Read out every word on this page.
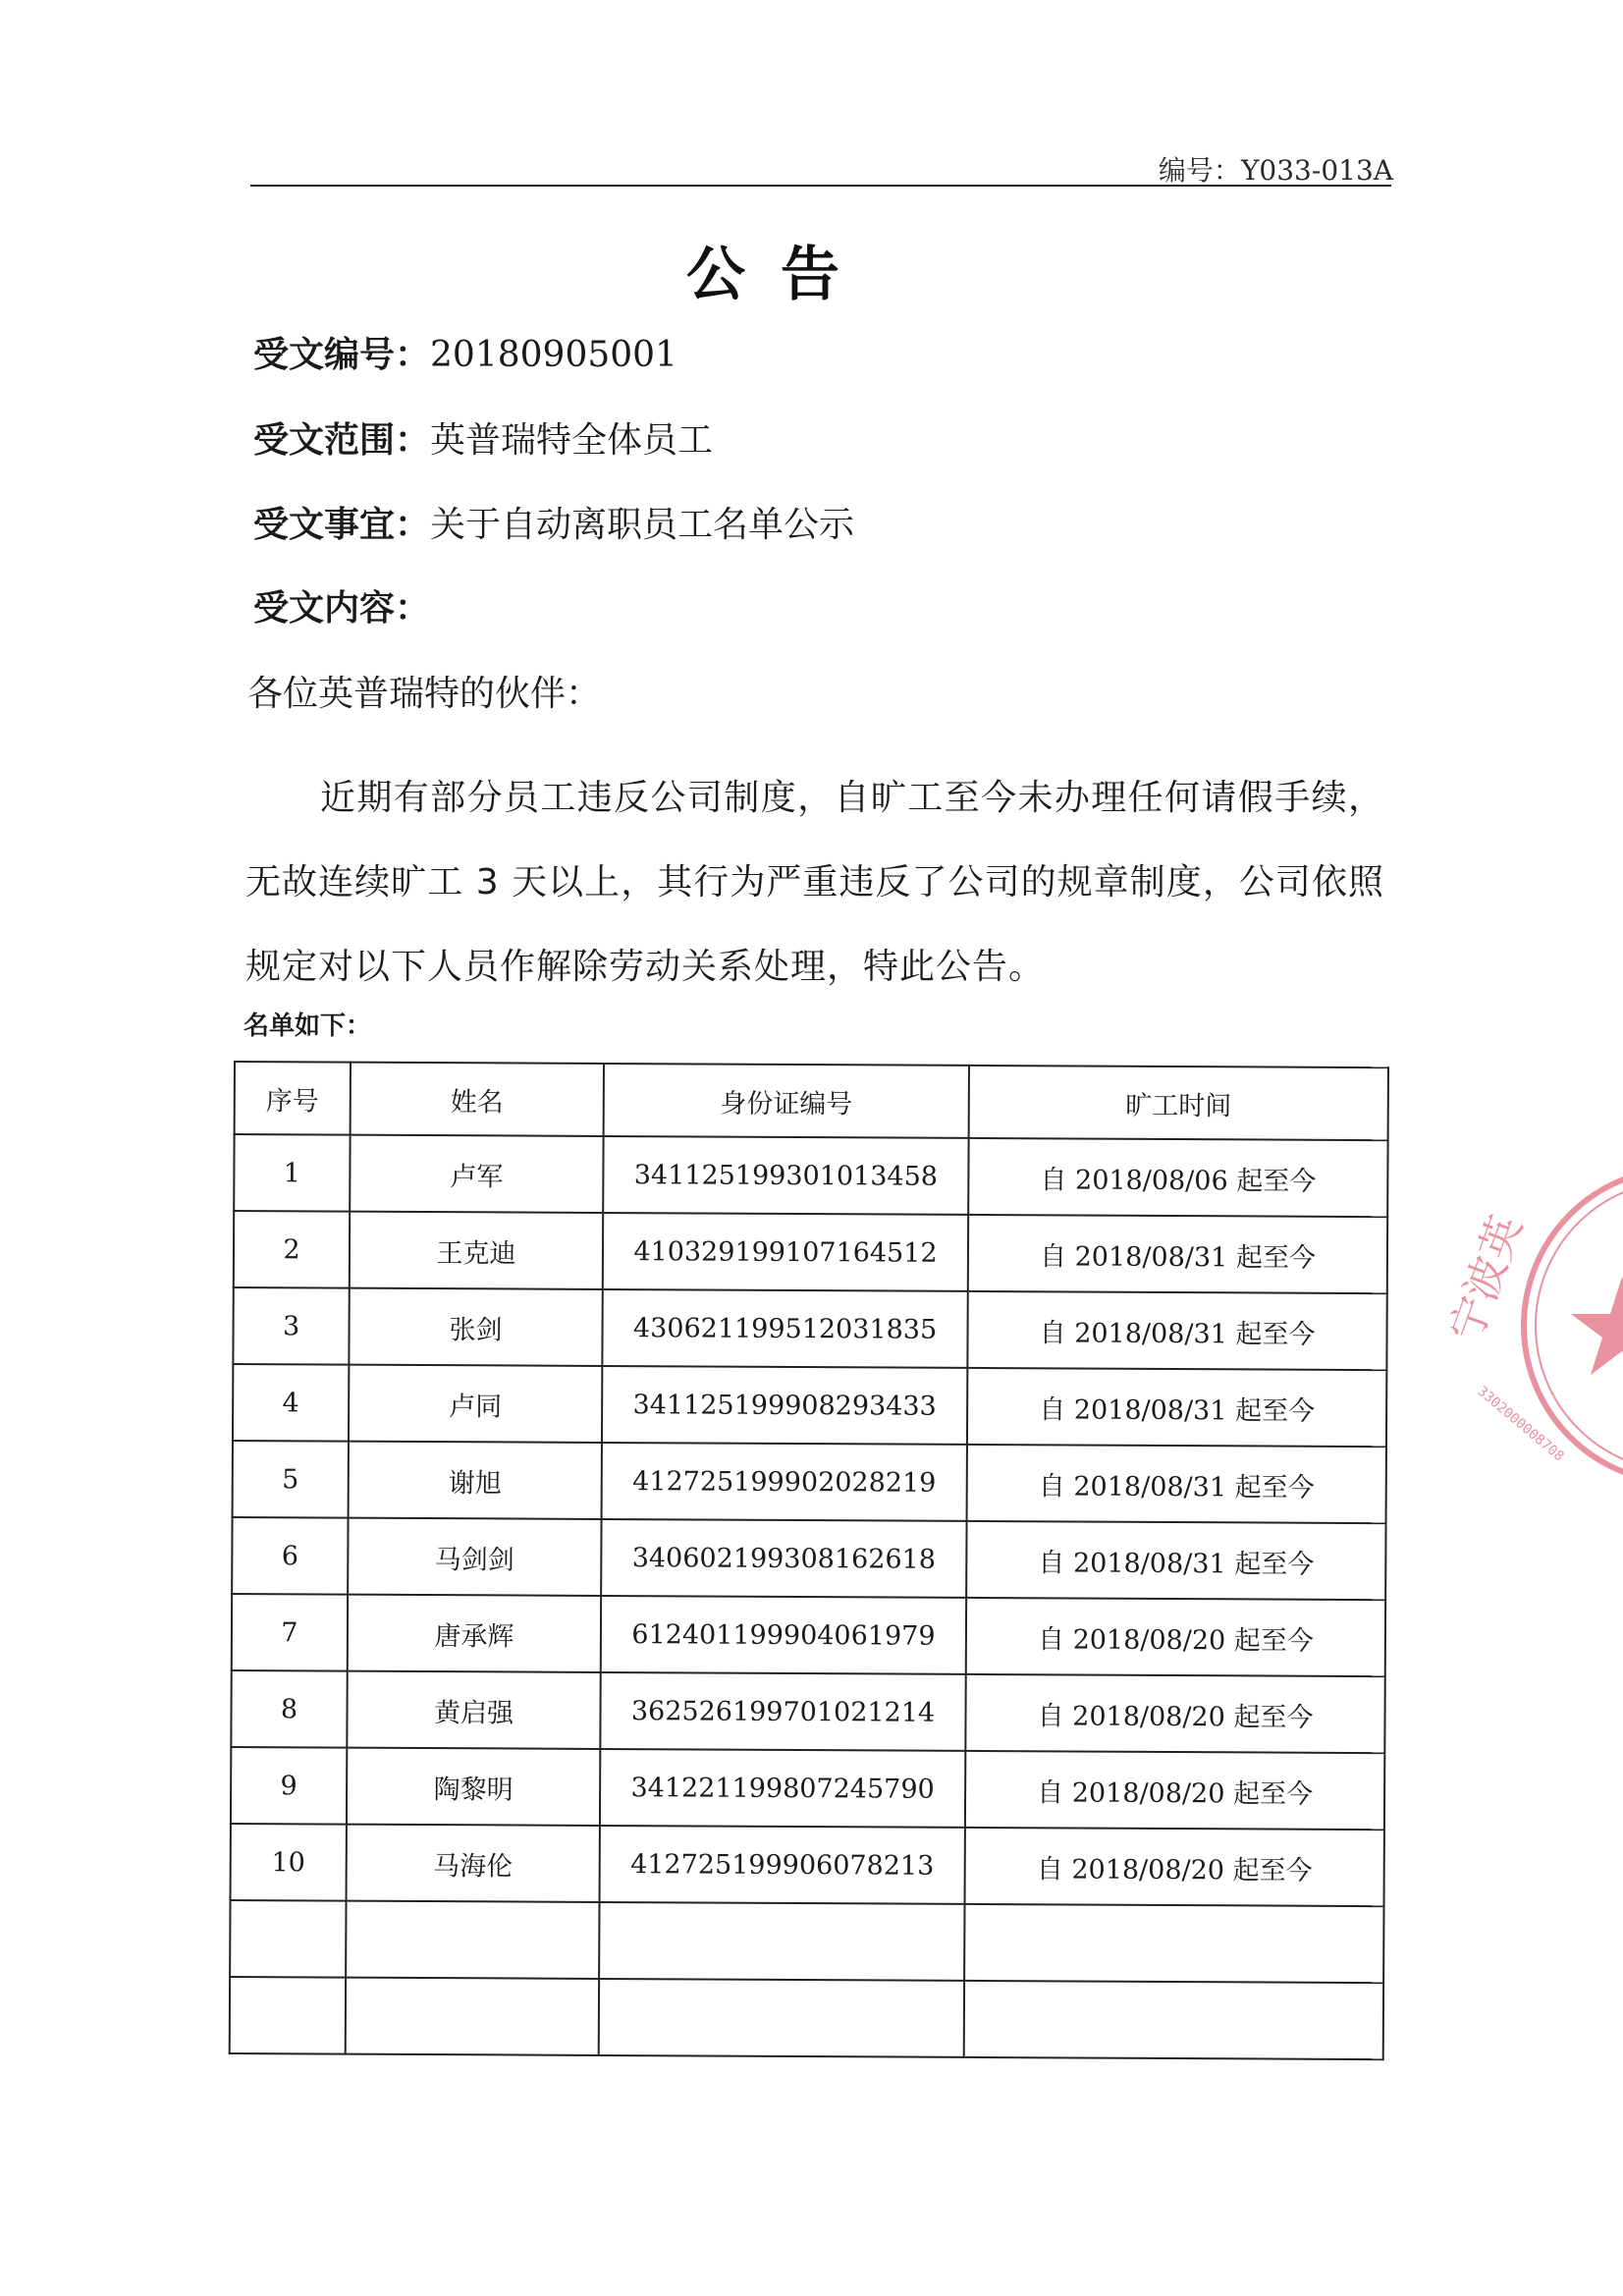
编号：Y033-013A
公告
受文编号：20180905001
受文范围：英普瑞特全体员工
受文事宜：关于自动离职员工名单公示
受文内容：
各位英普瑞特的伙伴：
近期有部分员工违反公司制度，自旷工至今未办理任何请假手续，无故连续旷工 3 天以上，其行为严重违反了公司的规章制度，公司依照规定对以下人员作解除劳动关系处理，特此公告。
名单如下：
序号	姓名	身份证编号	旷工时间
1	卢军	341125199301013458	自 2018/08/06 起至今
2	王克迪	410329199107164512	自 2018/08/31 起至今
3	张剑	430621199512031835	自 2018/08/31 起至今
4	卢同	341125199908293433	自 2018/08/31 起至今
5	谢旭	412725199902028219	自 2018/08/31 起至今
6	马剑剑	340602199308162618	自 2018/08/31 起至今
7	唐承辉	612401199904061979	自 2018/08/20 起至今
8	黄启强	362526199701021214	自 2018/08/20 起至今
9	陶黎明	341221199807245790	自 2018/08/20 起至今
10	马海伦	412725199906078213	自 2018/08/20 起至今

宁波英
3302000008708
